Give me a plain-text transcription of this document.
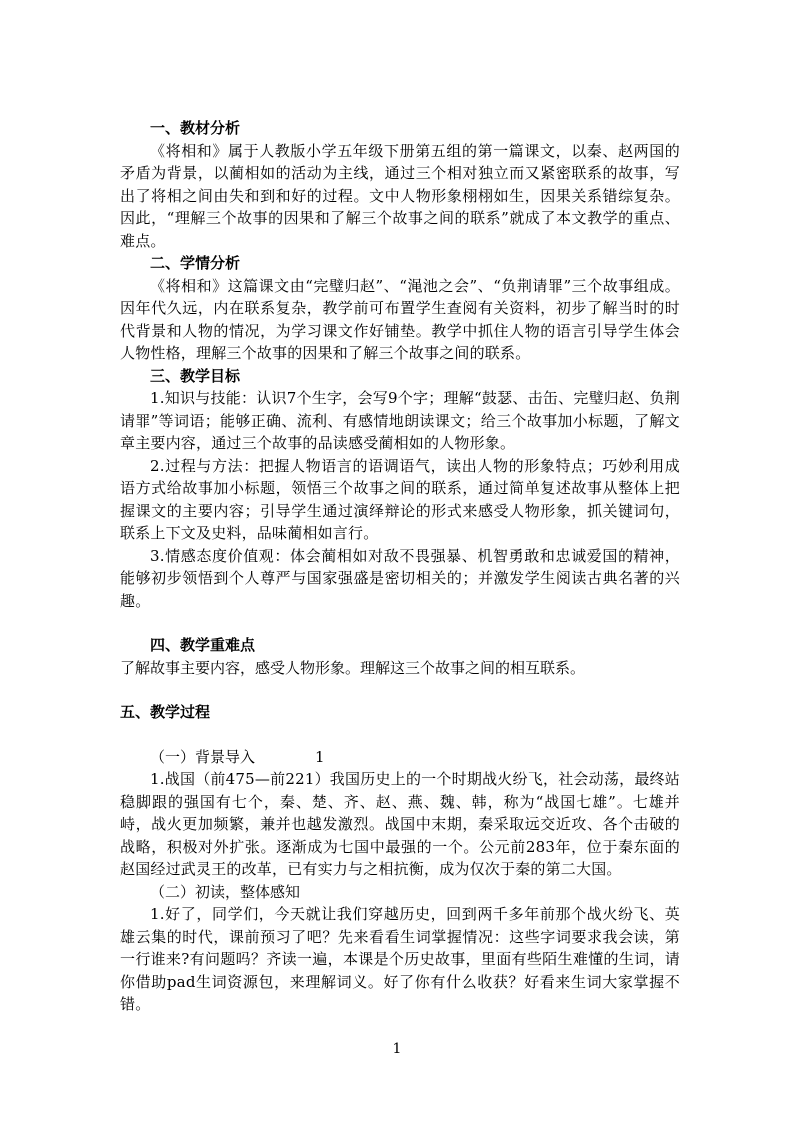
一、教材分析

《将相和》属于人教版小学五年级下册第五组的第一篇课文，以秦、赵两国的矛盾为背景，以蔺相如的活动为主线，通过三个相对独立而又紧密联系的故事，写出了将相之间由失和到和好的过程。文中人物形象栩栩如生，因果关系错综复杂。因此，“理解三个故事的因果和了解三个故事之间的联系”就成了本文教学的重点、难点。

二、学情分析

《将相和》这篇课文由“完璧归赵”、“渑池之会”、“负荆请罪”三个故事组成。因年代久远，内在联系复杂，教学前可布置学生查阅有关资料，初步了解当时的时代背景和人物的情况，为学习课文作好铺垫。教学中抓住人物的语言引导学生体会人物性格，理解三个故事的因果和了解三个故事之间的联系。

三、教学目标

1.知识与技能：认识7个生字，会写9个字；理解“鼓瑟、击缶、完璧归赵、负荆请罪”等词语；能够正确、流利、有感情地朗读课文；给三个故事加小标题，了解文章主要内容，通过三个故事的品读感受蔺相如的人物形象。

2.过程与方法：把握人物语言的语调语气，读出人物的形象特点；巧妙利用成语方式给故事加小标题，领悟三个故事之间的联系，通过简单复述故事从整体上把握课文的主要内容；引导学生通过演绎辩论的形式来感受人物形象，抓关键词句，联系上下文及史料，品味蔺相如言行。

3.情感态度价值观：体会蔺相如对敌不畏强暴、机智勇敢和忠诚爱国的精神，能够初步领悟到个人尊严与国家强盛是密切相关的；并激发学生阅读古典名著的兴趣。

四、教学重难点

了解故事主要内容，感受人物形象。理解这三个故事之间的相互联系。

五、教学过程

（一）背景导入	1

1.战国（前475—前221）我国历史上的一个时期战火纷飞，社会动荡，最终站稳脚跟的强国有七个，秦、楚、齐、赵、燕、魏、韩，称为“战国七雄”。七雄并峙，战火更加频繁，兼并也越发激烈。战国中末期，秦采取远交近攻、各个击破的战略，积极对外扩张。逐渐成为七国中最强的一个。公元前283年，位于秦东面的赵国经过武灵王的改革，已有实力与之相抗衡，成为仅次于秦的第二大国。

（二）初读，整体感知

1.好了，同学们，今天就让我们穿越历史，回到两千多年前那个战火纷飞、英雄云集的时代，课前预习了吧？先来看看生词掌握情况：这些字词要求我会读，第一行谁来?有问题吗？齐读一遍，本课是个历史故事，里面有些陌生难懂的生词，请你借助pad生词资源包，来理解词义。好了你有什么收获？好看来生词大家掌握不错。

1
